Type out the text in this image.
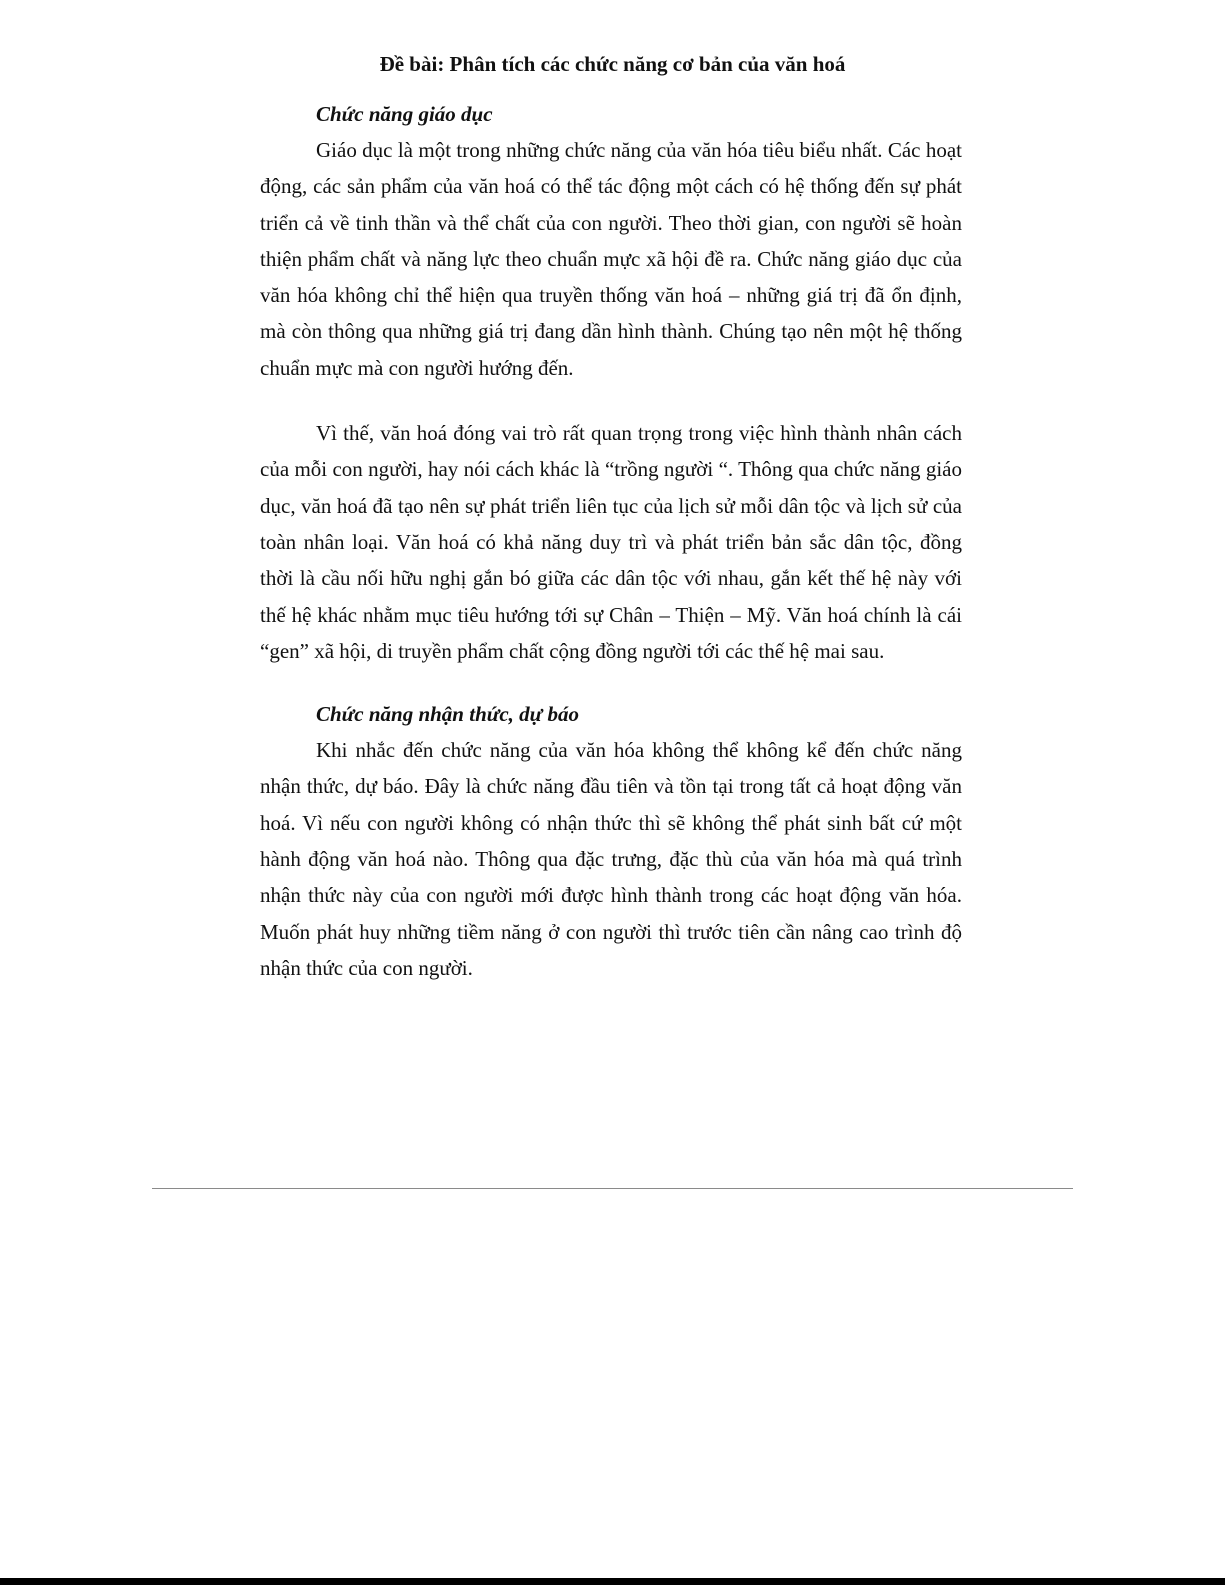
Đề bài: Phân tích các chức năng cơ bản của văn hoá
Chức năng giáo dục

Giáo dục là một trong những chức năng của văn hóa tiêu biểu nhất. Các hoạt động, các sản phẩm của văn hoá có thể tác động một cách có hệ thống đến sự phát triển cả về tinh thần và thể chất của con người. Theo thời gian, con người sẽ hoàn thiện phẩm chất và năng lực theo chuẩn mực xã hội đề ra. Chức năng giáo dục của văn hóa không chỉ thể hiện qua truyền thống văn hoá – những giá trị đã ổn định, mà còn thông qua những giá trị đang dần hình thành. Chúng tạo nên một hệ thống chuẩn mực mà con người hướng đến.

Vì thế, văn hoá đóng vai trò rất quan trọng trong việc hình thành nhân cách của mỗi con người, hay nói cách khác là “trồng người “. Thông qua chức năng giáo dục, văn hoá đã tạo nên sự phát triển liên tục của lịch sử mỗi dân tộc và lịch sử của toàn nhân loại. Văn hoá có khả năng duy trì và phát triển bản sắc dân tộc, đồng thời là cầu nối hữu nghị gắn bó giữa các dân tộc với nhau, gắn kết thế hệ này với thế hệ khác nhằm mục tiêu hướng tới sự Chân – Thiện – Mỹ. Văn hoá chính là cái “gen” xã hội, di truyền phẩm chất cộng đồng người tới các thế hệ mai sau.

Chức năng nhận thức, dự báo

Khi nhắc đến chức năng của văn hóa không thể không kể đến chức năng nhận thức, dự báo. Đây là chức năng đầu tiên và tồn tại trong tất cả hoạt động văn hoá. Vì nếu con người không có nhận thức thì sẽ không thể phát sinh bất cứ một hành động văn hoá nào. Thông qua đặc trưng, đặc thù của văn hóa mà quá trình nhận thức này của con người mới được hình thành trong các hoạt động văn hóa. Muốn phát huy những tiềm năng ở con người thì trước tiên cần nâng cao trình độ nhận thức của con người.
